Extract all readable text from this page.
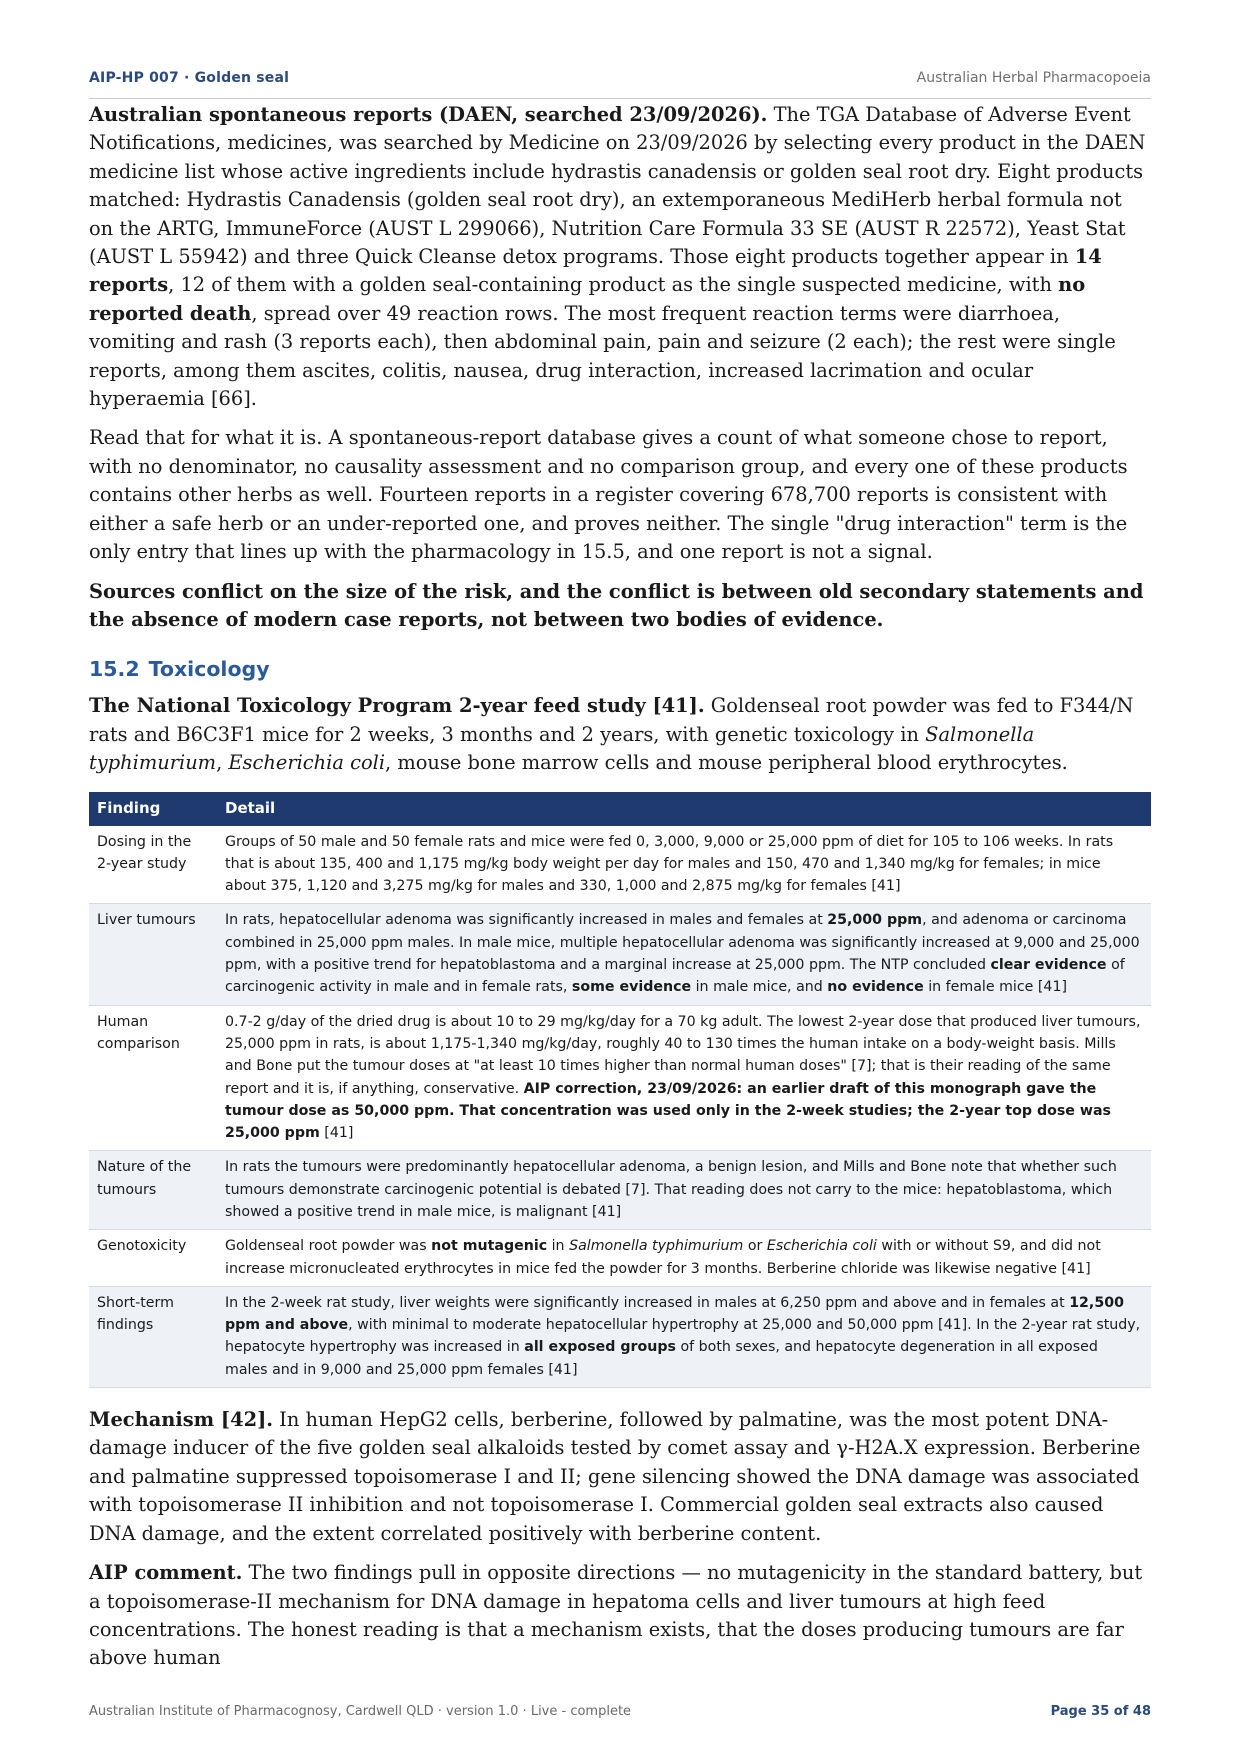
AIP-HP 007 · Golden seal	Australian Herbal Pharmacopoeia

Australian spontaneous reports (DAEN, searched 23/09/2026). The TGA Database of Adverse Event Notifications, medicines, was searched by Medicine on 23/09/2026 by selecting every product in the DAEN medicine list whose active ingredients include hydrastis canadensis or golden seal root dry. Eight products matched: Hydrastis Canadensis (golden seal root dry), an extemporaneous MediHerb herbal formula not on the ARTG, ImmuneForce (AUST L 299066), Nutrition Care Formula 33 SE (AUST R 22572), Yeast Stat (AUST L 55942) and three Quick Cleanse detox programs. Those eight products together appear in 14 reports, 12 of them with a golden seal-containing product as the single suspected medicine, with no reported death, spread over 49 reaction rows. The most frequent reaction terms were diarrhoea, vomiting and rash (3 reports each), then abdominal pain, pain and seizure (2 each); the rest were single reports, among them ascites, colitis, nausea, drug interaction, increased lacrimation and ocular hyperaemia [66].

Read that for what it is. A spontaneous-report database gives a count of what someone chose to report, with no denominator, no causality assessment and no comparison group, and every one of these products contains other herbs as well. Fourteen reports in a register covering 678,700 reports is consistent with either a safe herb or an under-reported one, and proves neither. The single "drug interaction" term is the only entry that lines up with the pharmacology in 15.5, and one report is not a signal.

Sources conflict on the size of the risk, and the conflict is between old secondary statements and the absence of modern case reports, not between two bodies of evidence.

15.2 Toxicology

The National Toxicology Program 2-year feed study [41]. Goldenseal root powder was fed to F344/N rats and B6C3F1 mice for 2 weeks, 3 months and 2 years, with genetic toxicology in Salmonella typhimurium, Escherichia coli, mouse bone marrow cells and mouse peripheral blood erythrocytes.

Finding	Detail
Dosing in the 2-year study	Groups of 50 male and 50 female rats and mice were fed 0, 3,000, 9,000 or 25,000 ppm of diet for 105 to 106 weeks. In rats that is about 135, 400 and 1,175 mg/kg body weight per day for males and 150, 470 and 1,340 mg/kg for females; in mice about 375, 1,120 and 3,275 mg/kg for males and 330, 1,000 and 2,875 mg/kg for females [41]
Liver tumours	In rats, hepatocellular adenoma was significantly increased in males and females at 25,000 ppm, and adenoma or carcinoma combined in 25,000 ppm males. In male mice, multiple hepatocellular adenoma was significantly increased at 9,000 and 25,000 ppm, with a positive trend for hepatoblastoma and a marginal increase at 25,000 ppm. The NTP concluded clear evidence of carcinogenic activity in male and in female rats, some evidence in male mice, and no evidence in female mice [41]
Human comparison	0.7-2 g/day of the dried drug is about 10 to 29 mg/kg/day for a 70 kg adult. The lowest 2-year dose that produced liver tumours, 25,000 ppm in rats, is about 1,175-1,340 mg/kg/day, roughly 40 to 130 times the human intake on a body-weight basis. Mills and Bone put the tumour doses at "at least 10 times higher than normal human doses" [7]; that is their reading of the same report and it is, if anything, conservative. AIP correction, 23/09/2026: an earlier draft of this monograph gave the tumour dose as 50,000 ppm. That concentration was used only in the 2-week studies; the 2-year top dose was 25,000 ppm [41]
Nature of the tumours	In rats the tumours were predominantly hepatocellular adenoma, a benign lesion, and Mills and Bone note that whether such tumours demonstrate carcinogenic potential is debated [7]. That reading does not carry to the mice: hepatoblastoma, which showed a positive trend in male mice, is malignant [41]
Genotoxicity	Goldenseal root powder was not mutagenic in Salmonella typhimurium or Escherichia coli with or without S9, and did not increase micronucleated erythrocytes in mice fed the powder for 3 months. Berberine chloride was likewise negative [41]
Short-term findings	In the 2-week rat study, liver weights were significantly increased in males at 6,250 ppm and above and in females at 12,500 ppm and above, with minimal to moderate hepatocellular hypertrophy at 25,000 and 50,000 ppm [41]. In the 2-year rat study, hepatocyte hypertrophy was increased in all exposed groups of both sexes, and hepatocyte degeneration in all exposed males and in 9,000 and 25,000 ppm females [41]

Mechanism [42]. In human HepG2 cells, berberine, followed by palmatine, was the most potent DNA-damage inducer of the five golden seal alkaloids tested by comet assay and γ-H2A.X expression. Berberine and palmatine suppressed topoisomerase I and II; gene silencing showed the DNA damage was associated with topoisomerase II inhibition and not topoisomerase I. Commercial golden seal extracts also caused DNA damage, and the extent correlated positively with berberine content.

AIP comment. The two findings pull in opposite directions — no mutagenicity in the standard battery, but a topoisomerase-II mechanism for DNA damage in hepatoma cells and liver tumours at high feed concentrations. The honest reading is that a mechanism exists, that the doses producing tumours are far above human

Australian Institute of Pharmacognosy, Cardwell QLD · version 1.0 · Live - complete	Page 35 of 48
